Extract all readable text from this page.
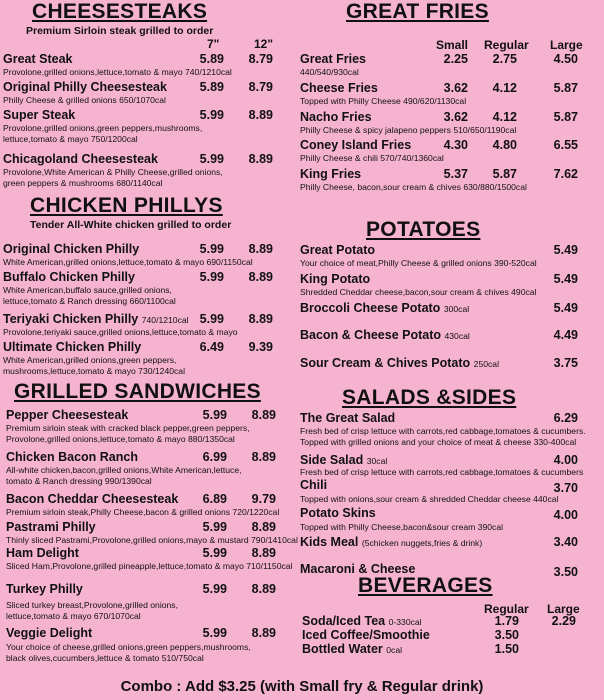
CHEESESTEAKS
Premium Sirloin steak grilled to order
7"	12"
Great Steak	5.89 8.79
Provolone,grilled onions,lettuce,tomato & mayo 740/1210cal
Original Philly Cheesesteak	5.89 8.79
Philly Cheese & grilled onions 650/1070cal
Super Steak	5.99 8.89
Provolone,grilled onions,green peppers,mushrooms,
lettuce,tomato & mayo 750/1200cal
Chicagoland Cheesesteak	5.99 8.89
Provolone,White American & Philly Cheese,grilled onions,
green peppers & mushrooms 680/1140cal
CHICKEN PHILLYS
Tender All-White chicken grilled to order
Original Chicken Philly	5.99 8.89
White American,grilled onions,lettuce,tomato & mayo 690/1150cal
Buffalo Chicken Philly	5.99 8.89
White American,buffalo sauce,grilled onions,
lettuce,tomato & Ranch dressing 660/1100cal
Teriyaki Chicken Philly 740/1210cal 5.99 8.89
Provolone,teriyaki sauce,grilled onions,lettuce,tomato & mayo
Ultimate Chicken Philly	6.49 9.39
White American,grilled onions,green peppers,
mushrooms,lettuce,tomato & mayo 730/1240cal
GRILLED SANDWICHES
Pepper Cheesesteak	5.99 8.89
Premium sirloin steak with cracked black pepper,green peppers,
Provolone,grilled onions,lettuce,tomato & mayo 880/1350cal
Chicken Bacon Ranch	6.99 8.89
All-white chicken,bacon,grilled onions,White American,lettuce,
tomato & Ranch dressing 990/1390cal
Bacon Cheddar Cheesesteak 6.89 9.79
Premium sirloin steak,Philly Cheese,bacon & grilled onions 720/1220cal
Pastrami Philly	5.99 8.89
Thinly sliced Pastrami,Provolone,grilled onions,mayo & mustard 790/1410cal
Ham Delight	5.99 8.89
Sliced Ham,Provolone,grilled pineapple,lettuce,tomato & mayo 710/1150cal
Turkey Philly	5.99 8.89
Sliced turkey breast,Provolone,grilled onions,
lettuce,tomato & mayo 670/1070cal
Veggie Delight	5.99 8.89
Your choice of cheese,grilled onions,green peppers,mushrooms,
black olives,cucumbers,lettuce & tomato 510/750cal
GREAT FRIES
Small Regular Large
Great Fries	2.25 2.75	4.50
440/540/930cal
Cheese Fries	3.62 4.12	5.87
Topped with Philly Cheese 490/620/1130cal
Nacho Fries	3.62 4.12	5.87
Philly Cheese & spicy jalapeno peppers 510/650/1190cal
Coney Island Fries	4.30 4.80	6.55
Philly Cheese & chili 570/740/1360cal
King Fries	5.37 5.87	7.62
Philly Cheese, bacon,sour cream & chives 630/880/1500cal
POTATOES
Great Potato	5.49
Your choice of meat,Philly Cheese & grilled onions 390-520cal
King Potato	5.49
Shredded Cheddar cheese,bacon,sour cream & chives 490cal
Broccoli Cheese Potato 300cal	5.49
Bacon & Cheese Potato 430cal	4.49
Sour Cream & Chives Potato 250cal	3.75
SALADS &SIDES
The Great Salad	6.29
Fresh bed of crisp lettuce with carrots,red cabbage,tomatoes & cucumbers.
Topped with grilled onions and your choice of meat & cheese 330-400cal
Side Salad 30cal	4.00
Fresh bed of crisp lettuce with carrots,red cabbage,tomatoes & cucumbers
Chili	3.70
Topped with onions,sour cream & shredded Cheddar cheese 440cal
Potato Skins	4.00
Topped with Philly Cheese,bacon&sour cream 390cal
Kids Meal (5chicken nuggets,fries & drink)	3.40
Macaroni & Cheese	3.50
BEVERAGES
Regular Large
Soda/Iced Tea 0-330cal	1.79	2.29
Iced Coffee/Smoothie	3.50
Bottled Water 0cal	1.50
Combo : Add $3.25 (with Small fry & Regular drink)
